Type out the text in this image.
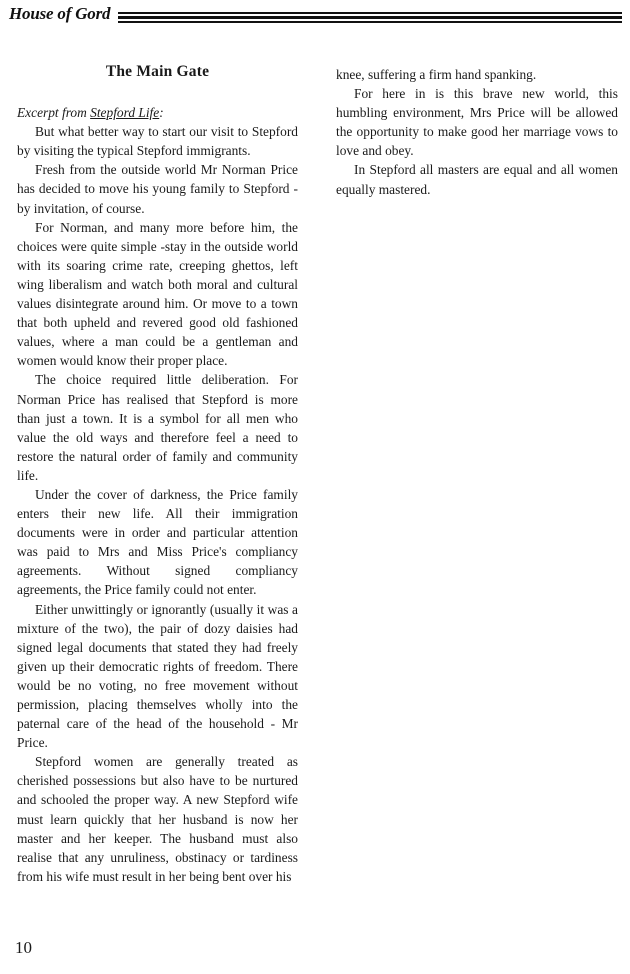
House of Gord
The Main Gate
Excerpt from Stepford Life:

But what better way to start our visit to Stepford by visiting the typical Stepford immigrants.

Fresh from the outside world Mr Norman Price has decided to move his young family to Stepford - by invitation, of course.

For Norman, and many more before him, the choices were quite simple -stay in the outside world with its soaring crime rate, creeping ghettos, left wing liberalism and watch both moral and cultural values disintegrate around him. Or move to a town that both upheld and revered good old fashioned values, where a man could be a gentleman and women would know their proper place.

The choice required little deliberation. For Norman Price has realised that Stepford is more than just a town. It is a symbol for all men who value the old ways and therefore feel a need to restore the natural order of family and community life.

Under the cover of darkness, the Price family enters their new life. All their immigration documents were in order and particular attention was paid to Mrs and Miss Price's compliancy agreements. Without signed compliancy agreements, the Price family could not enter.

Either unwittingly or ignorantly (usually it was a mixture of the two), the pair of dozy daisies had signed legal documents that stated they had freely given up their democratic rights of freedom. There would be no voting, no free movement without permission, placing themselves wholly into the paternal care of the head of the household - Mr Price.

Stepford women are generally treated as cherished possessions but also have to be nurtured and schooled the proper way. A new Stepford wife must learn quickly that her husband is now her master and her keeper. The husband must also realise that any unruliness, obstinacy or tardiness from his wife must result in her being bent over his

knee, suffering a firm hand spanking.

For here in is this brave new world, this humbling environment, Mrs Price will be allowed the opportunity to make good her marriage vows to love and obey.

In Stepford all masters are equal and all women equally mastered.

10
